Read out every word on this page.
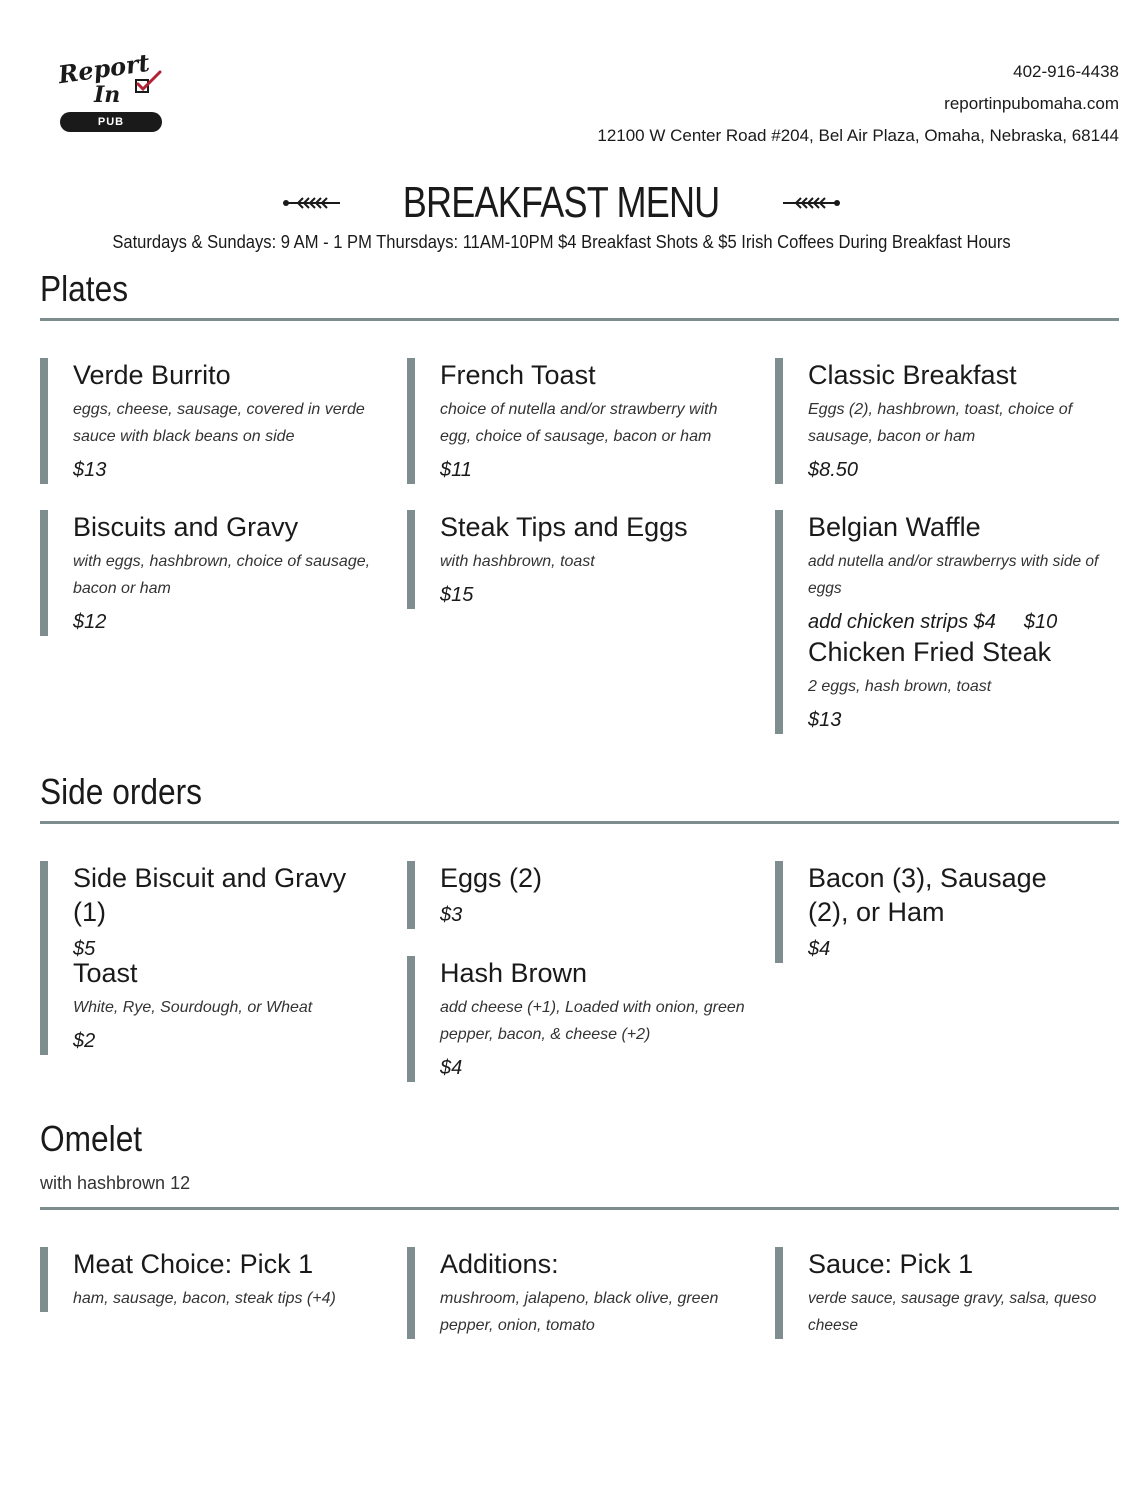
Report
In
PUB
402-916-4438
reportinpubomaha.com
12100 W Center Road #204, Bel Air Plaza, Omaha, Nebraska, 68144
BREAKFAST MENU
Saturdays & Sundays: 9 AM - 1 PM Thursdays: 11AM-10PM $4 Breakfast Shots & $5 Irish Coffees During Breakfast Hours
Plates
Verde Burrito
eggs, cheese, sausage, covered in verde sauce with black beans on side
$13
French Toast
choice of nutella and/or strawberry with egg, choice of sausage, bacon or ham
$11
Classic Breakfast
Eggs (2), hashbrown, toast, choice of sausage, bacon or ham
$8.50
Biscuits and Gravy
with eggs, hashbrown, choice of sausage, bacon or ham
$12
Steak Tips and Eggs
with hashbrown, toast
$15
Belgian Waffle
add nutella and/or strawberrys with side of eggs
add chicken strips $4 $10
Chicken Fried Steak
2 eggs, hash brown, toast
$13
Side orders
Side Biscuit and Gravy (1)
$5
Eggs (2)
$3
Bacon (3), Sausage (2), or Ham
$4
Toast
White, Rye, Sourdough, or Wheat
$2
Hash Brown
add cheese (+1), Loaded with onion, green pepper, bacon, & cheese (+2)
$4
Omelet
with hashbrown 12
Meat Choice: Pick 1
ham, sausage, bacon, steak tips (+4)
Additions:
mushroom, jalapeno, black olive, green pepper, onion, tomato
Sauce: Pick 1
verde sauce, sausage gravy, salsa, queso cheese
